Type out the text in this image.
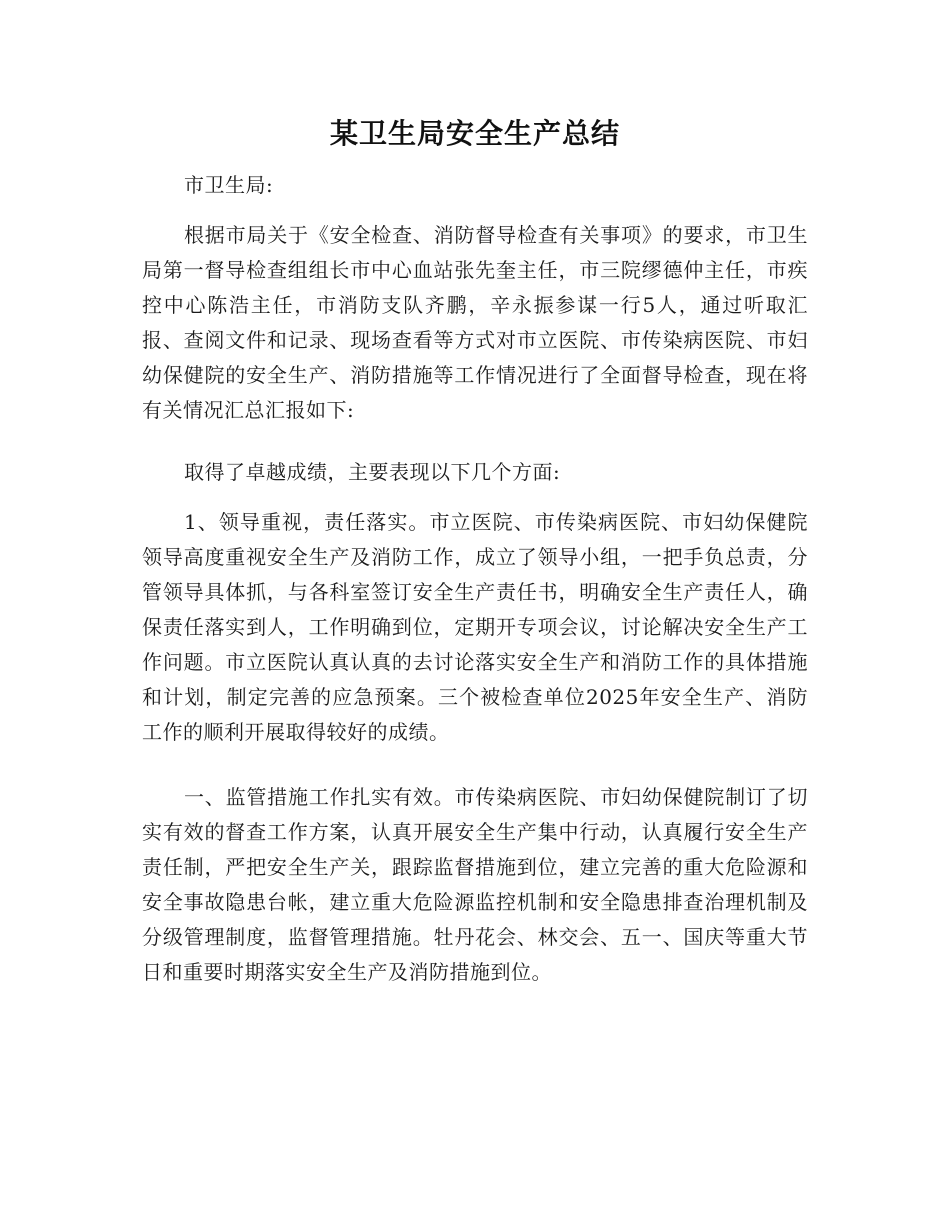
某卫生局安全生产总结

市卫生局:

根据市局关于《安全检查、消防督导检查有关事项》的要求，市卫生局第一督导检查组组长市中心血站张先奎主任，市三院缪德仲主任，市疾控中心陈浩主任，市消防支队齐鹏，辛永振参谋一行5人，通过听取汇报、查阅文件和记录、现场查看等方式对市立医院、市传染病医院、市妇幼保健院的安全生产、消防措施等工作情况进行了全面督导检查，现在将有关情况汇总汇报如下:

取得了卓越成绩，主要表现以下几个方面:

1、领导重视，责任落实。市立医院、市传染病医院、市妇幼保健院领导高度重视安全生产及消防工作，成立了领导小组，一把手负总责，分管领导具体抓，与各科室签订安全生产责任书，明确安全生产责任人，确保责任落实到人，工作明确到位，定期开专项会议，讨论解决安全生产工作问题。市立医院认真认真的去讨论落实安全生产和消防工作的具体措施和计划，制定完善的应急预案。三个被检查单位2025年安全生产、消防工作的顺利开展取得较好的成绩。

一、监管措施工作扎实有效。市传染病医院、市妇幼保健院制订了切实有效的督查工作方案，认真开展安全生产集中行动，认真履行安全生产责任制，严把安全生产关，跟踪监督措施到位，建立完善的重大危险源和安全事故隐患台帐，建立重大危险源监控机制和安全隐患排查治理机制及分级管理制度，监督管理措施。牡丹花会、林交会、五一、国庆等重大节日和重要时期落实安全生产及消防措施到位。
